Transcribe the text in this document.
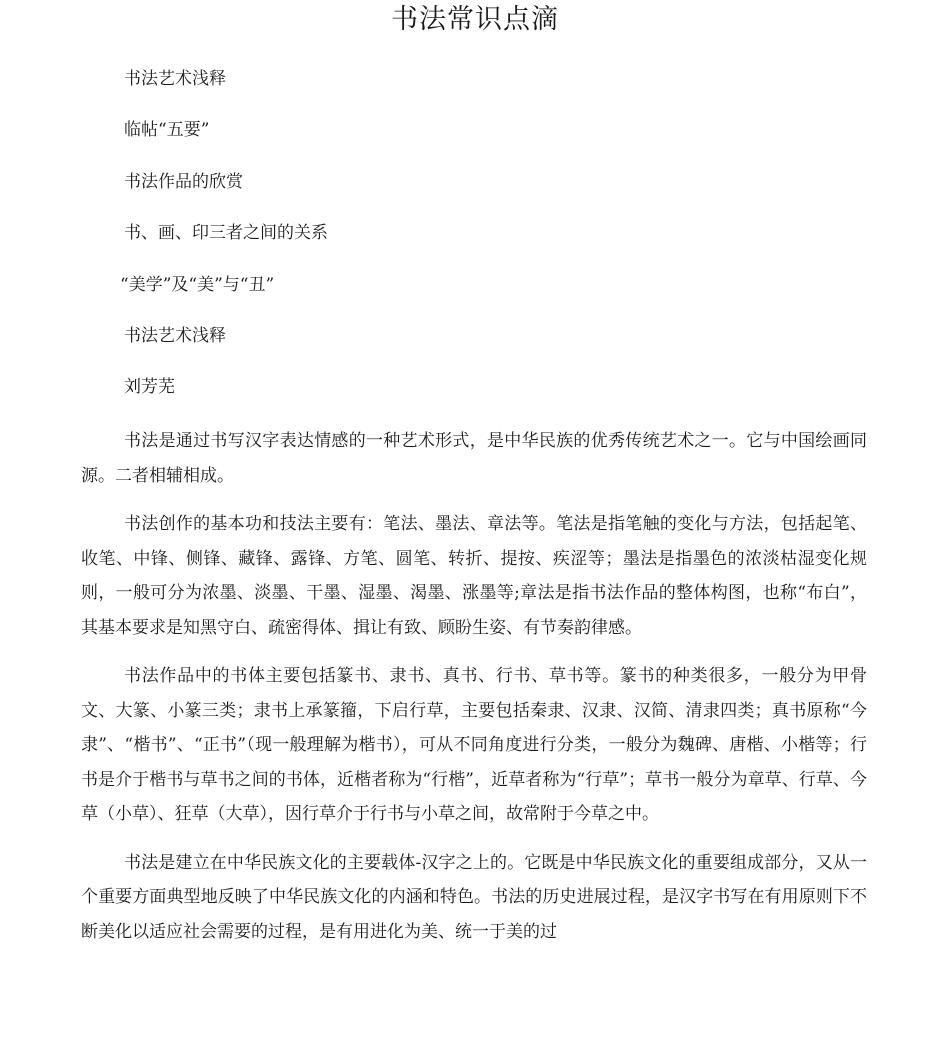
书法常识点滴
书法艺术浅释
临帖“五要”
书法作品的欣赏
书、画、印三者之间的关系
“美学”及“美”与“丑”
书法艺术浅释
刘芳芜

书法是通过书写汉字表达情感的一种艺术形式，是中华民族的优秀传统艺术之一。它与中国绘画同源。二者相辅相成。

书法创作的基本功和技法主要有：笔法、墨法、章法等。笔法是指笔触的变化与方法，包括起笔、收笔、中锋、侧锋、藏锋、露锋、方笔、圆笔、转折、提按、疾涩等；墨法是指墨色的浓淡枯湿变化规则，一般可分为浓墨、淡墨、干墨、湿墨、渴墨、涨墨等;章法是指书法作品的整体构图，也称“布白”，其基本要求是知黑守白、疏密得体、揖让有致、顾盼生姿、有节奏韵律感。

书法作品中的书体主要包括篆书、隶书、真书、行书、草书等。篆书的种类很多，一般分为甲骨文、大篆、小篆三类；隶书上承篆籀，下启行草，主要包括秦隶、汉隶、汉简、清隶四类；真书原称“今隶”、“楷书”、“正书”（现一般理解为楷书），可从不同角度进行分类，一般分为魏碑、唐楷、小楷等；行书是介于楷书与草书之间的书体，近楷者称为“行楷”，近草者称为“行草”；草书一般分为章草、行草、今草（小草）、狂草（大草），因行草介于行书与小草之间，故常附于今草之中。

书法是建立在中华民族文化的主要载体-汉字之上的。它既是中华民族文化的重要组成部分，又从一个重要方面典型地反映了中华民族文化的内涵和特色。书法的历史进展过程，是汉字书写在有用原则下不断美化以适应社会需要的过程，是有用进化为美、统一于美的过
